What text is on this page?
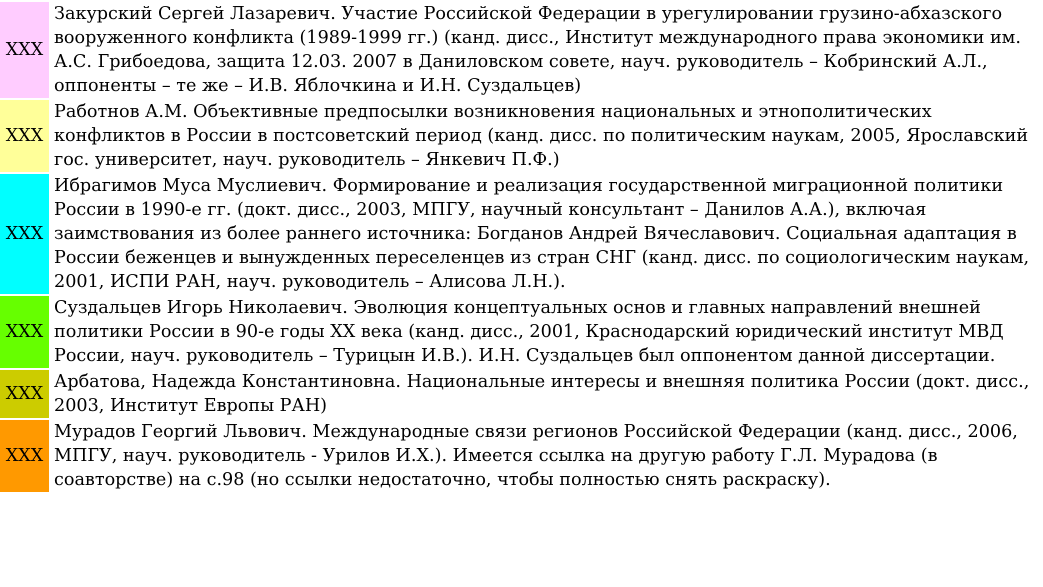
XXX	Закурский Сергей Лазаревич. Участие Российской Федерации в урегулировании грузино-абхазского вооруженного конфликта (1989-1999 гг.) (канд. дисс., Институт международного права экономики им. А.С. Грибоедова, защита 12.03. 2007 в Даниловском совете, науч. руководитель – Кобринский А.Л., оппоненты – те же – И.В. Яблочкина и И.Н. Суздальцев)
XXX	Работнов А.М. Объективные предпосылки возникновения национальных и этнополитических конфликтов в России в постсоветский период (канд. дисс. по политическим наукам, 2005, Ярославский гос. университет, науч. руководитель – Янкевич П.Ф.)
XXX	Ибрагимов Муса Муслиевич. Формирование и реализация государственной миграционной политики России в 1990-е гг. (докт. дисс., 2003, МПГУ, научный консультант – Данилов А.А.), включая заимствования из более раннего источника: Богданов Андрей Вячеславович. Социальная адаптация в России беженцев и вынужденных переселенцев из стран СНГ (канд. дисс. по социологическим наукам, 2001, ИСПИ РАН, науч. руководитель – Алисова Л.Н.).
XXX	Суздальцев Игорь Николаевич. Эволюция концептуальных основ и главных направлений внешней политики России в 90-е годы XX века (канд. дисс., 2001, Краснодарский юридический институт МВД России, науч. руководитель – Турицын И.В.). И.Н. Суздальцев был оппонентом данной диссертации.
XXX	Арбатова, Надежда Константиновна. Национальные интересы и внешняя политика России (докт. дисс., 2003, Институт Европы РАН)
XXX	Мурадов Георгий Львович. Международные связи регионов Российской Федерации (канд. дисс., 2006, МПГУ, науч. руководитель - Урилов И.Х.). Имеется ссылка на другую работу Г.Л. Мурадова (в соавторстве) на с.98 (но ссылки недостаточно, чтобы полностью снять раскраску).
